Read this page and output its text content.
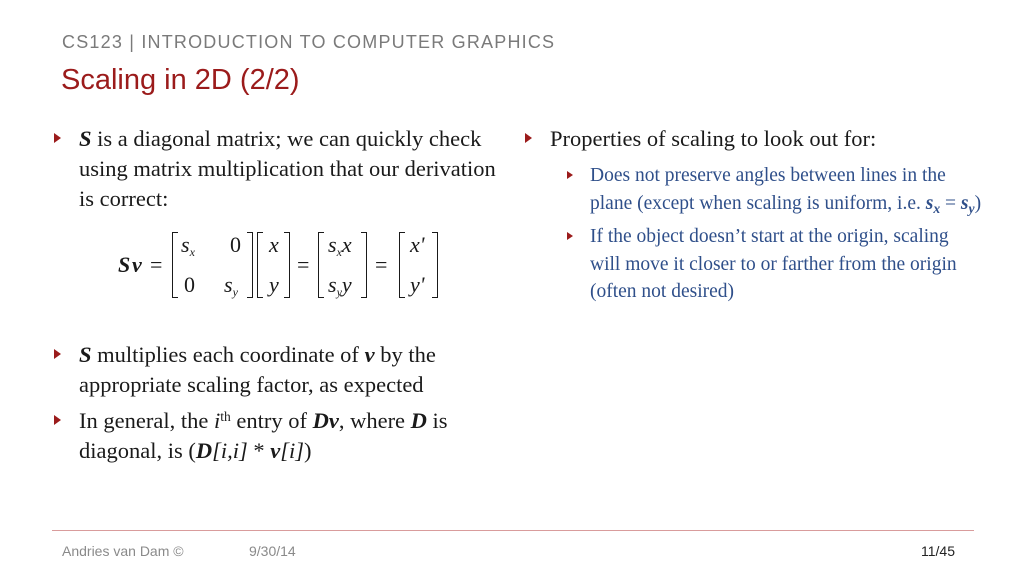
CS123 | INTRODUCTION TO COMPUTER GRAPHICS
Scaling in 2D (2/2)
S is a diagonal matrix; we can quickly check using matrix multiplication that our derivation is correct:
S v =
$s_x$ 0
0 $s_y$
x
y
=
$s_xx$
$s_yy$
=
x'
y'
S multiplies each coordinate of v by the appropriate scaling factor, as expected
In general, the $i^{th}$ entry of Dv, where D is diagonal, is (D[i,i] * v[i])
Properties of scaling to look out for:
Does not preserve angles between lines in the plane (except when scaling is uniform, i.e. $s_x = s_y$)
If the object doesn’t start at the origin, scaling will move it closer to or farther from the origin (often not desired)
Andries van Dam ©	9/30/14	11/45
